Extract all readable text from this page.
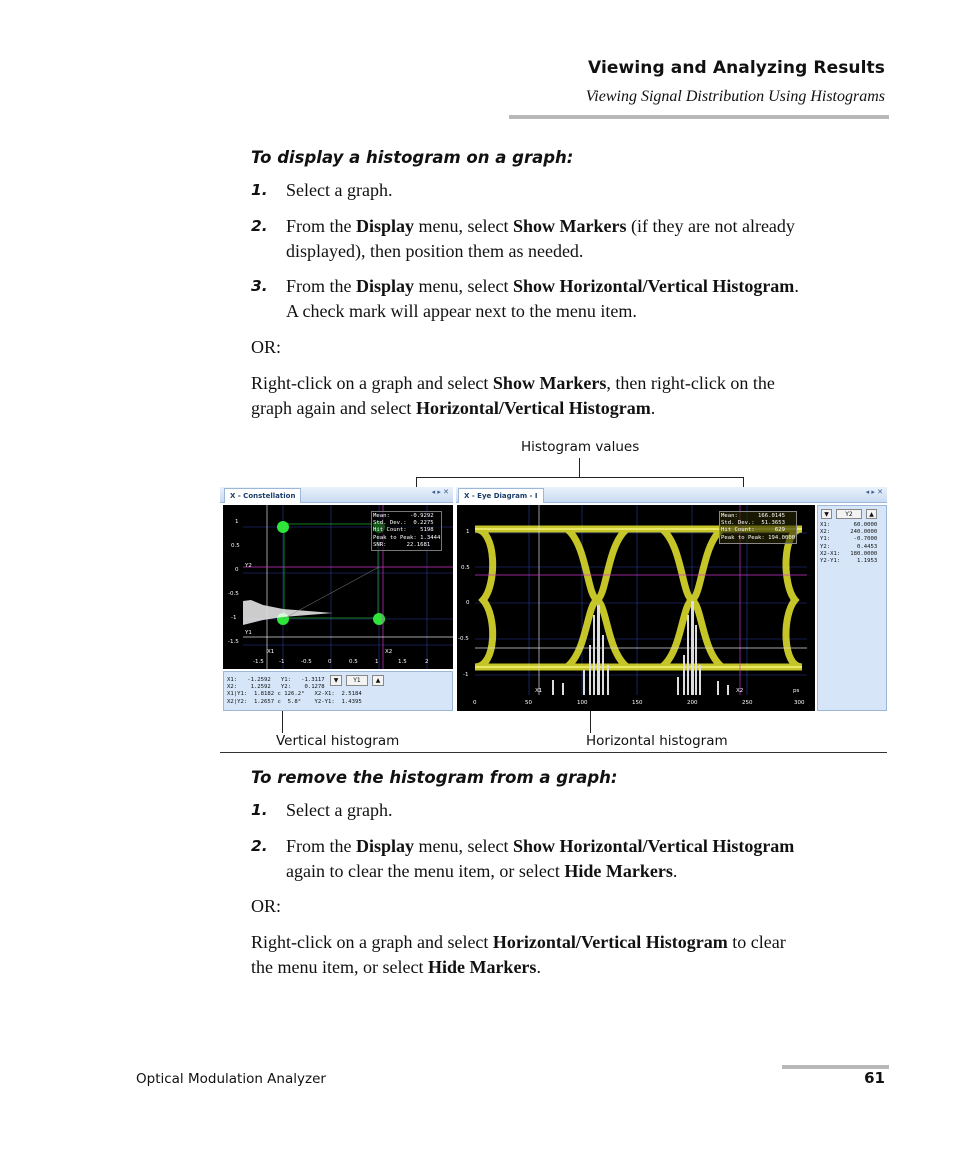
Viewing and Analyzing Results
Viewing Signal Distribution Using Histograms
To display a histogram on a graph:
1. Select a graph.
2. From the Display menu, select Show Markers (if they are not already
displayed), then position them as needed.
3. From the Display menu, select Show Horizontal/Vertical Histogram.
A check mark will appear next to the menu item.
OR:
Right-click on a graph and select Show Markers, then right-click on the
graph again and select Horizontal/Vertical Histogram.
Histogram values
X - Constellation	◂ ▸ ✕
Mean:      -0.9292
Std. Dev.:  0.2275
Hit Count:    5198
Peak to Peak: 1.3444
SNR:      22.1681
1
0.5
0
-0.5
-1
-1.5
Y2
Y1
X1	X2
-1.5	-1	-0.5	0	0.5	1	1.5	2
▼	Y1	▲
X1:   -1.2592   Y1:   -1.3117
X2:    1.2592   Y2:    0.1278
X1|Y1:  1.8182 c 126.2°   X2-X1:  2.5184
X2|Y2:  1.2657 c  5.8°    Y2-Y1:  1.4395
X - Eye Diagram - I	◂ ▸ ✕
Mean:      166.0145
Std. Dev.:  51.3653
Hit Count:      629
Peak to Peak: 194.0000
1
0.5
0
-0.5
-1
X1	X2	ps
0	50	100	150	200	250	300
▼	Y2	▲
X1:       60.0000
X2:      240.0000
Y1:       -0.7000
Y2:        0.4453
X2-X1:   180.0000
Y2-Y1:     1.1953
Vertical histogram	Horizontal histogram
To remove the histogram from a graph:
1. Select a graph.
2. From the Display menu, select Show Horizontal/Vertical Histogram
again to clear the menu item, or select Hide Markers.
OR:
Right-click on a graph and select Horizontal/Vertical Histogram to clear
the menu item, or select Hide Markers.
Optical Modulation Analyzer	61
